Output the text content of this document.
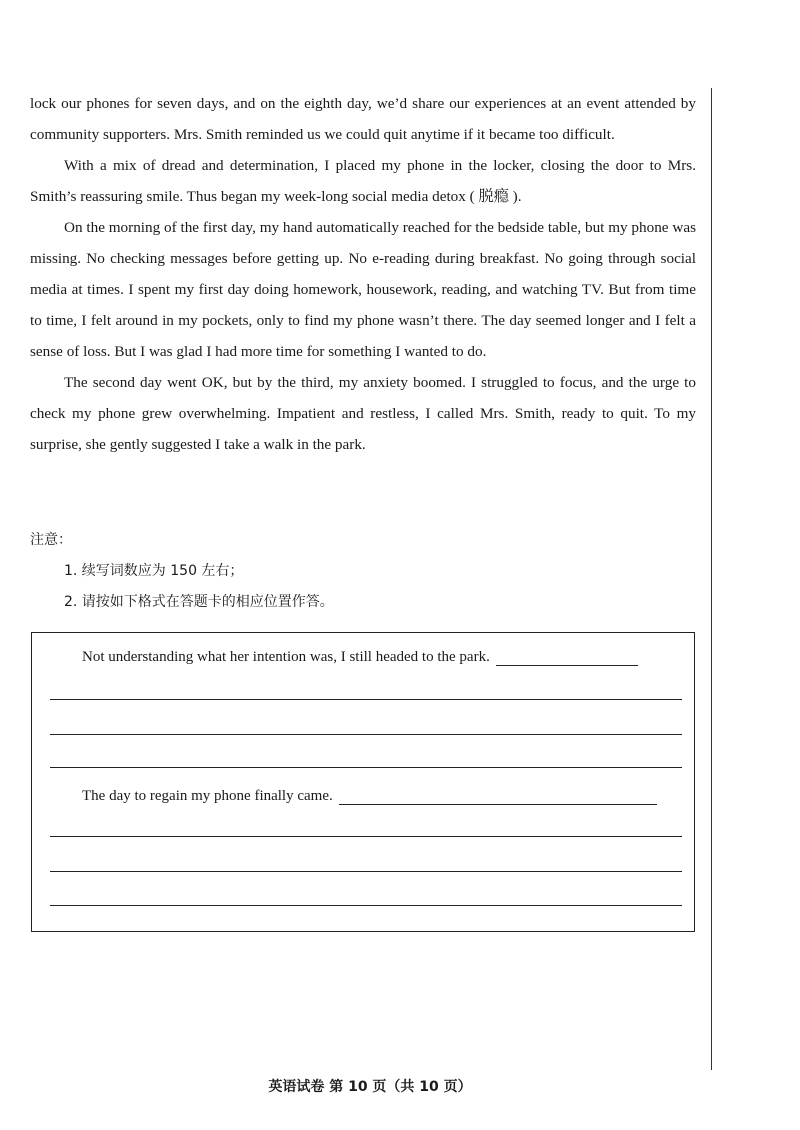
lock our phones for seven days, and on the eighth day, we’d share our experiences at an event attended by community supporters. Mrs. Smith reminded us we could quit anytime if it became too difficult.

With a mix of dread and determination, I placed my phone in the locker, closing the door to Mrs. Smith’s reassuring smile. Thus began my week-long social media detox ( 脱瘾 ).

On the morning of the first day, my hand automatically reached for the bedside table, but my phone was missing. No checking messages before getting up. No e-reading during breakfast. No going through social media at times. I spent my first day doing homework, housework, reading, and watching TV. But from time to time, I felt around in my pockets, only to find my phone wasn’t there. The day seemed longer and I felt a sense of loss. But I was glad I had more time for something I wanted to do.

The second day went OK, but by the third, my anxiety boomed. I struggled to focus, and the urge to check my phone grew overwhelming. Impatient and restless, I called Mrs. Smith, ready to quit. To my surprise, she gently suggested I take a walk in the park.

注意：
1. 续写词数应为 150 左右；
2. 请按如下格式在答题卡的相应位置作答。
Not understanding what her intention was, I still headed to the park.
The day to regain my phone finally came.
英语试卷 第 10 页（共 10 页）
